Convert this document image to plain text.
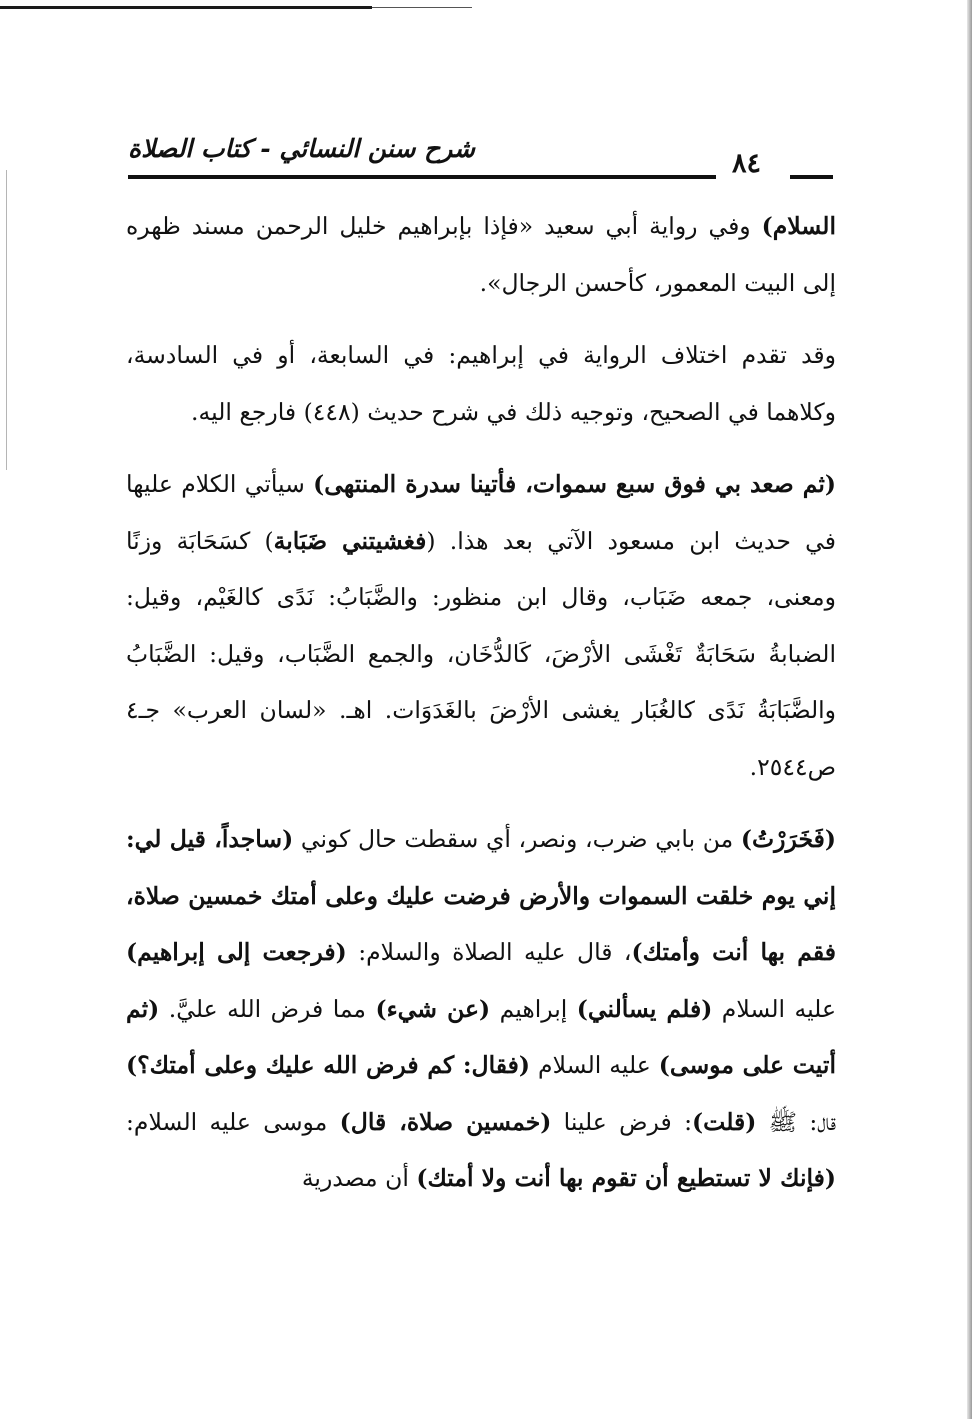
شرح سنن النسائي - كتاب الصلاة	٨٤

السلام) وفي رواية أبي سعيد «فإذا بإبراهيم خليل الرحمن مسند ظهره إلى البيت المعمور، كأحسن الرجال».

وقد تقدم اختلاف الرواية في إبراهيم: في السابعة، أو في السادسة، وكلاهما في الصحيح، وتوجيه ذلك في شرح حديث (٤٤٨) فارجع اليه.

(ثم صعد بي فوق سبع سموات، فأتينا سدرة المنتهى) سيأتي الكلام عليها في حديث ابن مسعود الآتي بعد هذا. (فغشيتني ضَبَابة) كسَحَابَة وزنًا ومعنى، جمعه ضَبَاب، وقال ابن منظور: والضَّبَابُ: نَدًى كالغَيْم، وقيل: الضبابةُ سَحَابَةٌ تَغْشَى الأرْضَ، كَالدُّخَان، والجمع الضَّبَاب، وقيل: الضَّبَابُ والضَّبَابَةُ نَدًى كالغُبَار يغشى الأرْضَ بالغَدَوَات. اهـ. «لسان العرب» جـ٤ ص٢٥٤٤.

(فَخَرَرْتُ) من بابي ضرب، ونصر، أي سقطت حال كوني (ساجداً، قيل لي: إني يوم خلقت السموات والأرض فرضت عليك وعلى أمتك خمسين صلاة، فقم بها أنت وأمتك)، قال عليه الصلاة والسلام: (فرجعت إلى إبراهيم) عليه السلام (فلم يسألني) إبراهيم (عن شيء) مما فرض الله عليَّ. (ثم أتيت على موسى) عليه السلام (فقال: كم فرض الله عليك وعلى أمتك؟) قال: ﷺ (قلت): فرض علينا (خمسين صلاة، قال) موسى عليه السلام: (فإنك لا تستطيع أن تقوم بها أنت ولا أمتك) أن مصدرية
